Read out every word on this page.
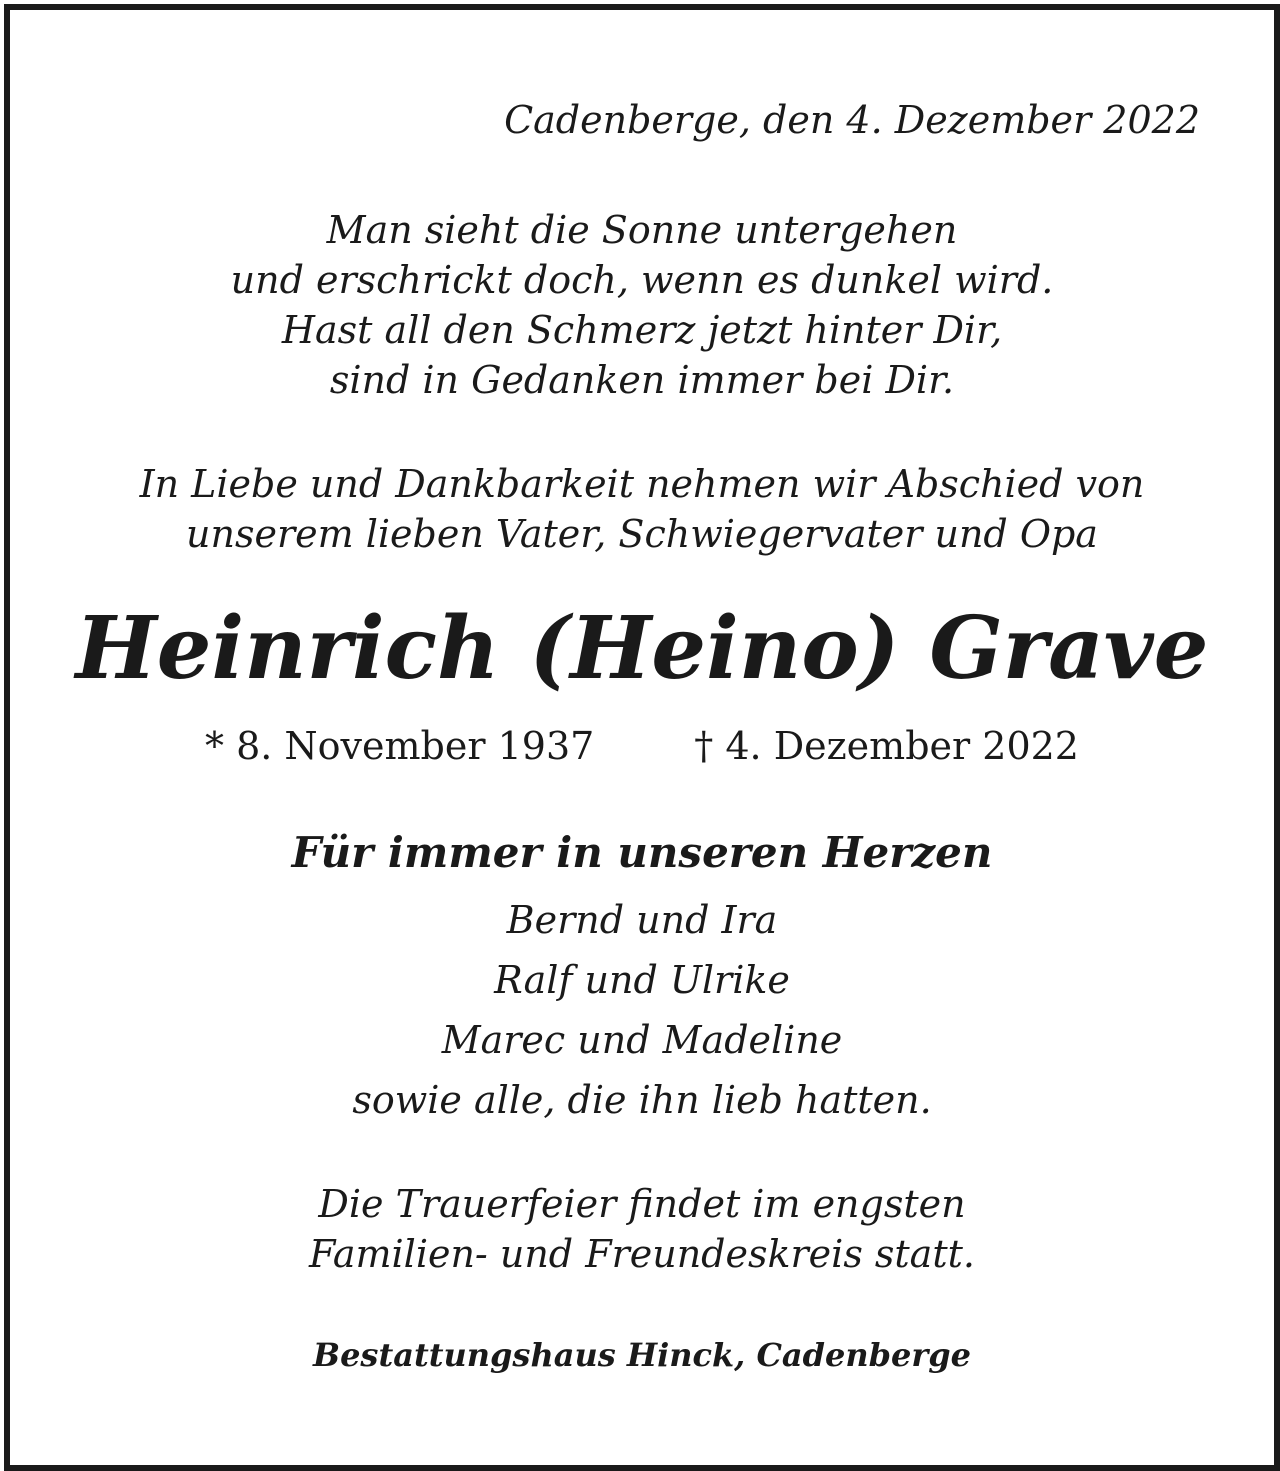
Cadenberge, den 4. Dezember 2022

Man sieht die Sonne untergehen

und erschrickt doch, wenn es dunkel wird.

Hast all den Schmerz jetzt hinter Dir,

sind in Gedanken immer bei Dir.

In Liebe und Dankbarkeit nehmen wir Abschied von

unserem lieben Vater, Schwiegervater und Opa

Heinrich (Heino) Grave

* 8. November 1937	† 4. Dezember 2022

Für immer in unseren Herzen

Bernd und Ira

Ralf und Ulrike

Marec und Madeline

sowie alle, die ihn lieb hatten.

Die Trauerfeier findet im engsten

Familien- und Freundeskreis statt.

Bestattungshaus Hinck, Cadenberge
